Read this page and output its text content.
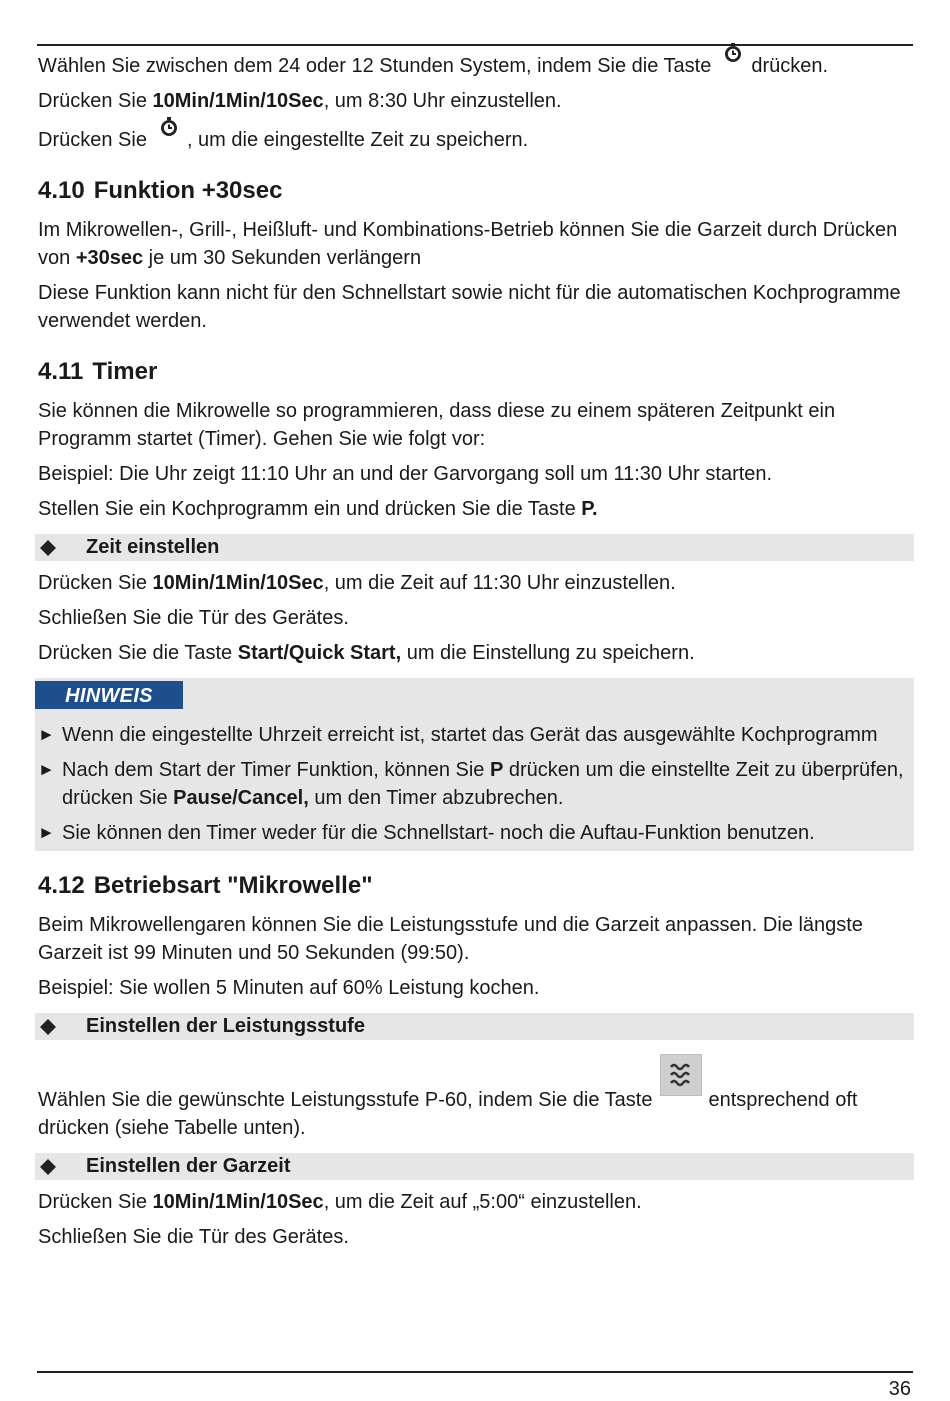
Wählen Sie zwischen dem 24 oder 12 Stunden System, indem Sie die Taste drücken.

Drücken Sie 10Min/1Min/10Sec, um 8:30 Uhr einzustellen.

Drücken Sie , um die eingestellte Zeit zu speichern.

4.10 Funktion +30sec

Im Mikrowellen-, Grill-, Heißluft- und Kombinations-Betrieb können Sie die Garzeit durch Drücken von +30sec je um 30 Sekunden verlängern

Diese Funktion kann nicht für den Schnellstart sowie nicht für die automatischen Kochprogramme verwendet werden.

4.11 Timer

Sie können die Mikrowelle so programmieren, dass diese zu einem späteren Zeitpunkt ein Programm startet (Timer). Gehen Sie wie folgt vor:

Beispiel: Die Uhr zeigt 11:10 Uhr an und der Garvorgang soll um 11:30 Uhr starten.

Stellen Sie ein Kochprogramm ein und drücken Sie die Taste P.

Zeit einstellen

Drücken Sie 10Min/1Min/10Sec, um die Zeit auf 11:30 Uhr einzustellen.

Schließen Sie die Tür des Gerätes.

Drücken Sie die Taste Start/Quick Start, um die Einstellung zu speichern.

HINWEIS
► Wenn die eingestellte Uhrzeit erreicht ist, startet das Gerät das ausgewählte Kochprogramm
► Nach dem Start der Timer Funktion, können Sie P drücken um die einstellte Zeit zu überprüfen, drücken Sie Pause/Cancel, um den Timer abzubrechen.
► Sie können den Timer weder für die Schnellstart- noch die Auftau-Funktion benutzen.
4.12 Betriebsart "Mikrowelle"

Beim Mikrowellengaren können Sie die Leistungsstufe und die Garzeit anpassen. Die längste Garzeit ist 99 Minuten und 50 Sekunden (99:50).

Beispiel: Sie wollen 5 Minuten auf 60% Leistung kochen.

Einstellen der Leistungsstufe

Wählen Sie die gewünschte Leistungsstufe P-60, indem Sie die Taste	entsprechend oft drücken (siehe Tabelle unten).

Einstellen der Garzeit

Drücken Sie 10Min/1Min/10Sec, um die Zeit auf „5:00“ einzustellen.

Schließen Sie die Tür des Gerätes.

36
